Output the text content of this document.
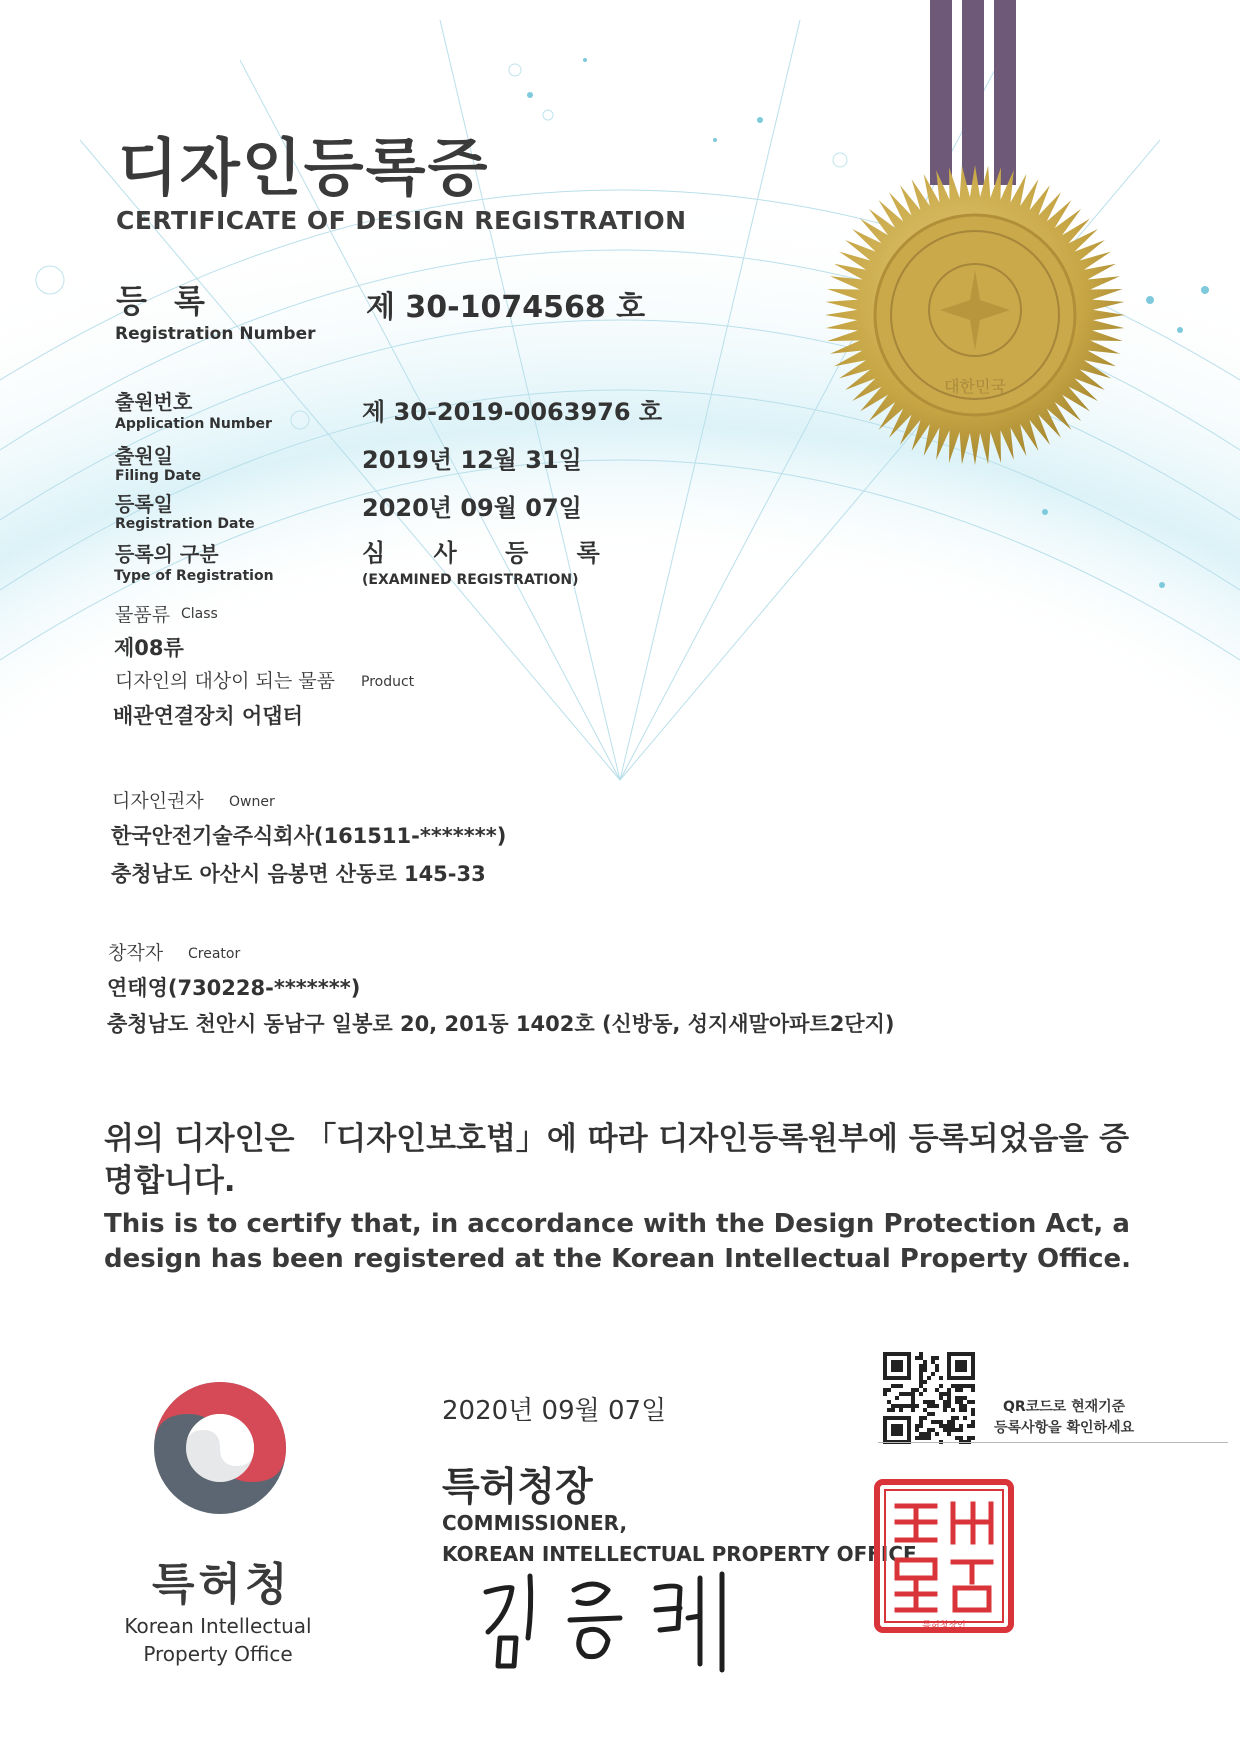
대한민국
디자인등록증
CERTIFICATE OF DESIGN REGISTRATION
등 록
Registration Number
제 30-1074568 호
출원번호
Application Number	제 30-2019-0063976 호
출원일
Filing Date
2019년 12월 31일
등록일
Registration Date
2020년 09월 07일
등록의 구분
Type of Registration
심 사 등 록
(EXAMINED REGISTRATION)
물품류 Class
제08류
디자인의 대상이 되는 물품 Product
배관연결장치 어댑터
디자인권자 Owner
한국안전기술주식회사(161511-*******)
충청남도 아산시 음봉면 산동로 145-33
창작자 Creator
연태영(730228-*******)
충청남도 천안시 동남구 일봉로 20, 201동 1402호 (신방동, 성지새말아파트2단지)
위의 디자인은 「디자인보호법」에 따라 디자인등록원부에 등록되었음을 증명합니다.
This is to certify that, in accordance with the Design Protection Act, a design has been registered at the Korean Intellectual Property Office.
2020년 09월 07일	QR코드로 현재기준
등록사항을 확인하세요
특허청장
COMMISSIONER,
KOREAN INTELLECTUAL PROPERTY OFFICE
특허청장인
특허청
Korean Intellectual Property Office
